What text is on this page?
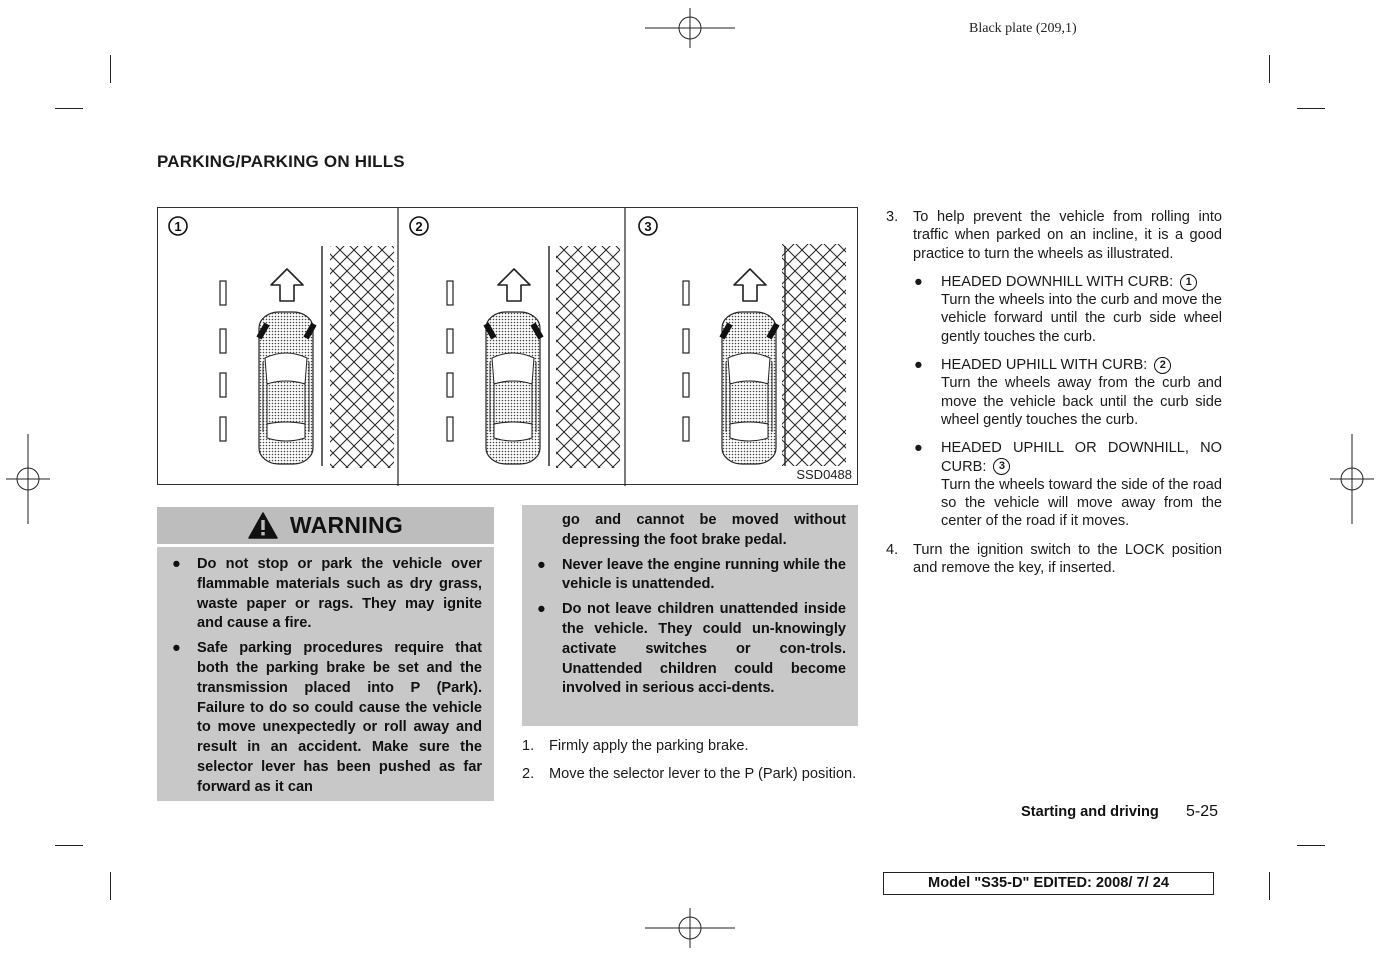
Black plate (209,1)
PARKING/PARKING ON HILLS
1	2	3
SSD0488
WARNING
● Do not stop or park the vehicle over flammable materials such as dry grass, waste paper or rags. They may ignite and cause a fire.
● Safe parking procedures require that both the parking brake be set and the transmission placed into P (Park). Failure to do so could cause the vehicle to move unexpectedly or roll away and result in an accident. Make sure the selector lever has been pushed as far forward as it can
go and cannot be moved without depressing the foot brake pedal.
● Never leave the engine running while the vehicle is unattended.
● Do not leave children unattended inside the vehicle. They could un-knowingly activate switches or con-trols. Unattended children could become involved in serious acci-dents.
1. Firmly apply the parking brake.
2. Move the selector lever to the P (Park) position.
3. To help prevent the vehicle from rolling into traffic when parked on an incline, it is a good practice to turn the wheels as illustrated.
● HEADED DOWNHILL WITH CURB: 1
Turn the wheels into the curb and move the vehicle forward until the curb side wheel gently touches the curb.
● HEADED UPHILL WITH CURB: 2
Turn the wheels away from the curb and move the vehicle back until the curb side wheel gently touches the curb.
● HEADED UPHILL OR DOWNHILL, NO CURB: 3
Turn the wheels toward the side of the road so the vehicle will move away from the center of the road if it moves.
4. Turn the ignition switch to the LOCK position and remove the key, if inserted.
Starting and driving 5-25
Model "S35-D" EDITED: 2008/ 7/ 24
